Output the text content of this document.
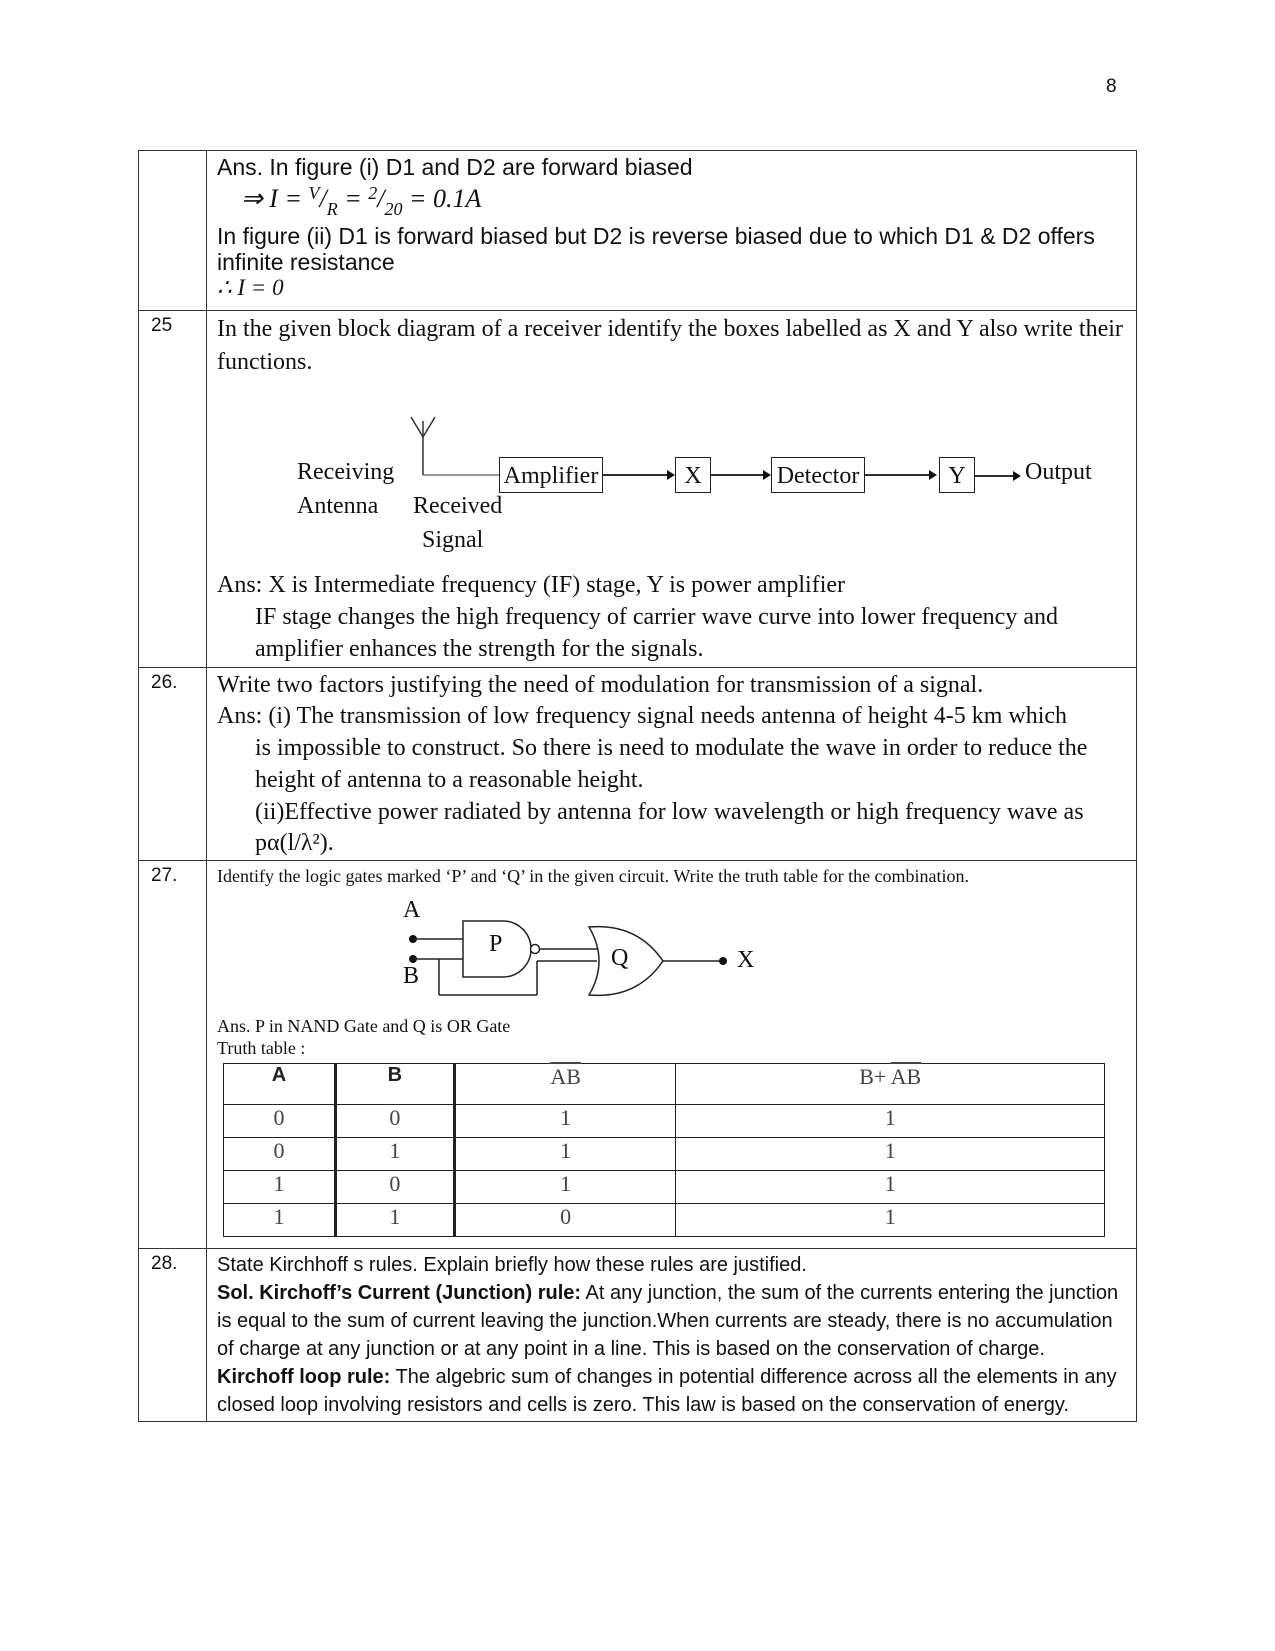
8

Ans. In figure (i) D1 and D2 are forward biased
⇒ $I = ^V/_R = ^2/_{20} = 0.1A$
In figure (ii) D1 is forward biased but D2 is reverse biased due to which D1 & D2 offers infinite resistance
∴ I = 0

25	In the given block diagram of a receiver identify the boxes labelled as X and Y also write their functions.
Receiving
Antenna Received
Signal
Amplifier	X	Detector	Y	Output
Ans: X is Intermediate frequency (IF) stage, Y is power amplifier
IF stage changes the high frequency of carrier wave curve into lower frequency and amplifier enhances the strength for the signals.

26.	Write two factors justifying the need of modulation for transmission of a signal.
Ans: (i) The transmission of low frequency signal needs antenna of height 4-5 km which
is impossible to construct. So there is need to modulate the wave in order to reduce the height of antenna to a reasonable height.
(ii)Effective power radiated by antenna for low wavelength or high frequency wave as
pα(l/λ²).

27.	Identify the logic gates marked ‘P’ and ‘Q’ in the given circuit. Write the truth table for the combination.
A
B
P
Q	X
Ans. P in NAND Gate and Q is OR Gate
Truth table :
A	B	$\overline{AB}$	$B+ \overline{AB}$
0	0	1	1
0	1	1	1
1	0	1	1
1	1	0	1

28.	State Kirchhoff s rules. Explain briefly how these rules are justified.
Sol. Kirchoff’s Current (Junction) rule: At any junction, the sum of the currents entering the junction is equal to the sum of current leaving the junction.When currents are steady, there is no accumulation of charge at any junction or at any point in a line. This is based on the conservation of charge.
Kirchoff loop rule: The algebric sum of changes in potential difference across all the elements in any closed loop involving resistors and cells is zero. This law is based on the conservation of energy.
